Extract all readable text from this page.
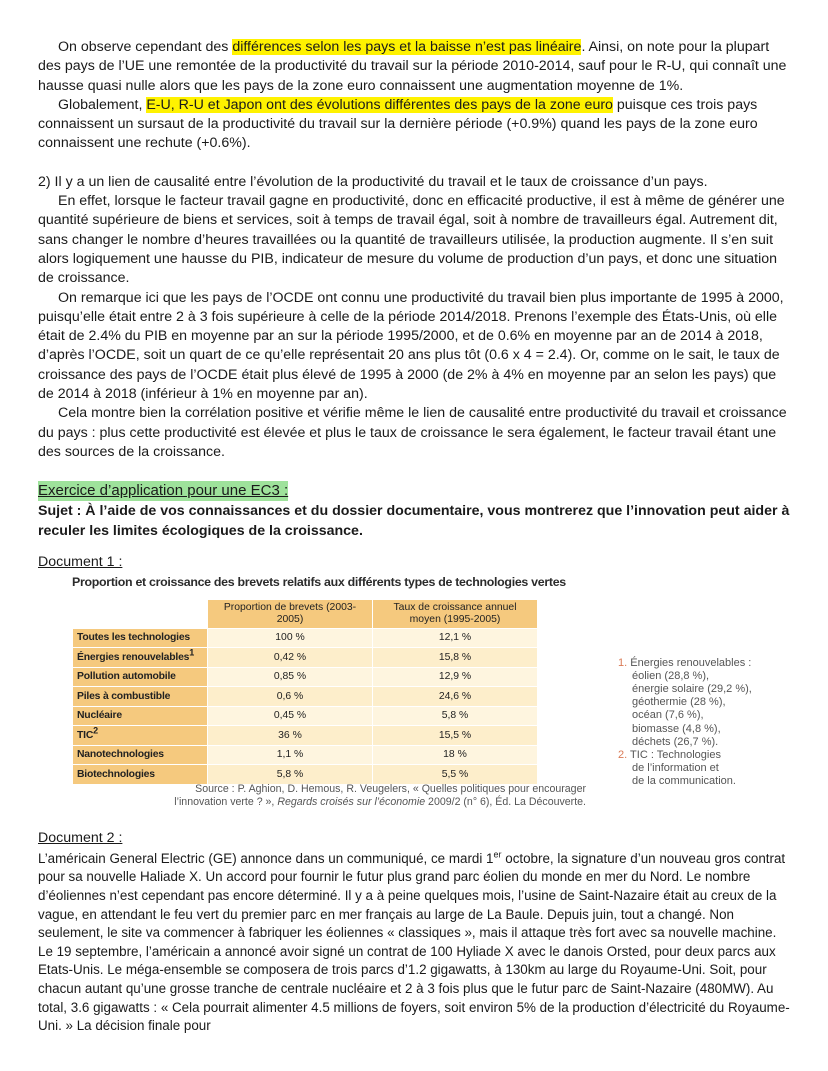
On observe cependant des différences selon les pays et la baisse n’est pas linéaire. Ainsi, on note pour la plupart des pays de l’UE une remontée de la productivité du travail sur la période 2010-2014, sauf pour le R-U, qui connaît une hausse quasi nulle alors que les pays de la zone euro connaissent une augmentation moyenne de 1%.

Globalement, E-U, R-U et Japon ont des évolutions différentes des pays de la zone euro puisque ces trois pays connaissent un sursaut de la productivité du travail sur la dernière période (+0.9%) quand les pays de la zone euro connaissent une rechute (+0.6%).

2) Il y a un lien de causalité entre l’évolution de la productivité du travail et le taux de croissance d’un pays.

En effet, lorsque le facteur travail gagne en productivité, donc en efficacité productive, il est à même de générer une quantité supérieure de biens et services, soit à temps de travail égal, soit à nombre de travailleurs égal. Autrement dit, sans changer le nombre d’heures travaillées ou la quantité de travailleurs utilisée, la production augmente. Il s’en suit alors logiquement une hausse du PIB, indicateur de mesure du volume de production d’un pays, et donc une situation de croissance.

On remarque ici que les pays de l’OCDE ont connu une productivité du travail bien plus importante de 1995 à 2000, puisqu’elle était entre 2 à 3 fois supérieure à celle de la période 2014/2018. Prenons l’exemple des États-Unis, où elle était de 2.4% du PIB en moyenne par an sur la période 1995/2000, et de 0.6% en moyenne par an de 2014 à 2018, d’après l’OCDE, soit un quart de ce qu’elle représentait 20 ans plus tôt (0.6 x 4 = 2.4). Or, comme on le sait, le taux de croissance des pays de l’OCDE était plus élevé de 1995 à 2000 (de 2% à 4% en moyenne par an selon les pays) que de 2014 à 2018 (inférieur à 1% en moyenne par an).

Cela montre bien la corrélation positive et vérifie même le lien de causalité entre productivité du travail et croissance du pays : plus cette productivité est élevée et plus le taux de croissance le sera également, le facteur travail étant une des sources de la croissance.

Exercice d’application pour une EC3 :

Sujet : À l’aide de vos connaissances et du dossier documentaire, vous montrerez que l’innovation peut aider à reculer les limites écologiques de la croissance.

Document 1 :

Proportion et croissance des brevets relatifs aux différents types de technologies vertes
	Proportion de brevets (2003-2005)	Taux de croissance annuel moyen (1995-2005)
Toutes les technologies	100 %	12,1 %
Énergies renouvelables$^1$	0,42 %	15,8 %
Pollution automobile	0,85 %	12,9 %
Piles à combustible	0,6 %	24,6 %
Nucléaire	0,45 %	5,8 %
TIC$^2$	36 %	15,5 %
Nanotechnologies	1,1 %	18 %
Biotechnologies	5,8 %	5,5 %
1. Énergies renouvelables :
éolien (28,8 %),
énergie solaire (29,2 %),
géothermie (28 %),
océan (7,6 %),
biomasse (4,8 %),
déchets (26,7 %).
2. TIC : Technologies
de l’information et
de la communication.
Source : P. Aghion, D. Hemous, R. Veugelers, « Quelles politiques pour encourager
l’innovation verte ? », Regards croisés sur l’économie 2009/2 (n° 6), Éd. La Découverte.

Document 2 :

L’américain General Electric (GE) annonce dans un communiqué, ce mardi 1er octobre, la signature d’un nouveau gros contrat pour sa nouvelle Haliade X. Un accord pour fournir le futur plus grand parc éolien du monde en mer du Nord. Le nombre d’éoliennes n’est cependant pas encore déterminé. Il y a à peine quelques mois, l’usine de Saint-Nazaire était au creux de la vague, en attendant le feu vert du premier parc en mer français au large de La Baule. Depuis juin, tout a changé. Non seulement, le site va commencer à fabriquer les éoliennes « classiques », mais il attaque très fort avec sa nouvelle machine. Le 19 septembre, l’américain a annoncé avoir signé un contrat de 100 Hyliade X avec le danois Orsted, pour deux parcs aux Etats-Unis. Le méga-ensemble se composera de trois parcs d’1.2 gigawatts, à 130km au large du Royaume-Uni. Soit, pour chacun autant qu’une grosse tranche de centrale nucléaire et 2 à 3 fois plus que le futur parc de Saint-Nazaire (480MW). Au total, 3.6 gigawatts : « Cela pourrait alimenter 4.5 millions de foyers, soit environ 5% de la production d’électricité du Royaume-Uni. » La décision finale pour
